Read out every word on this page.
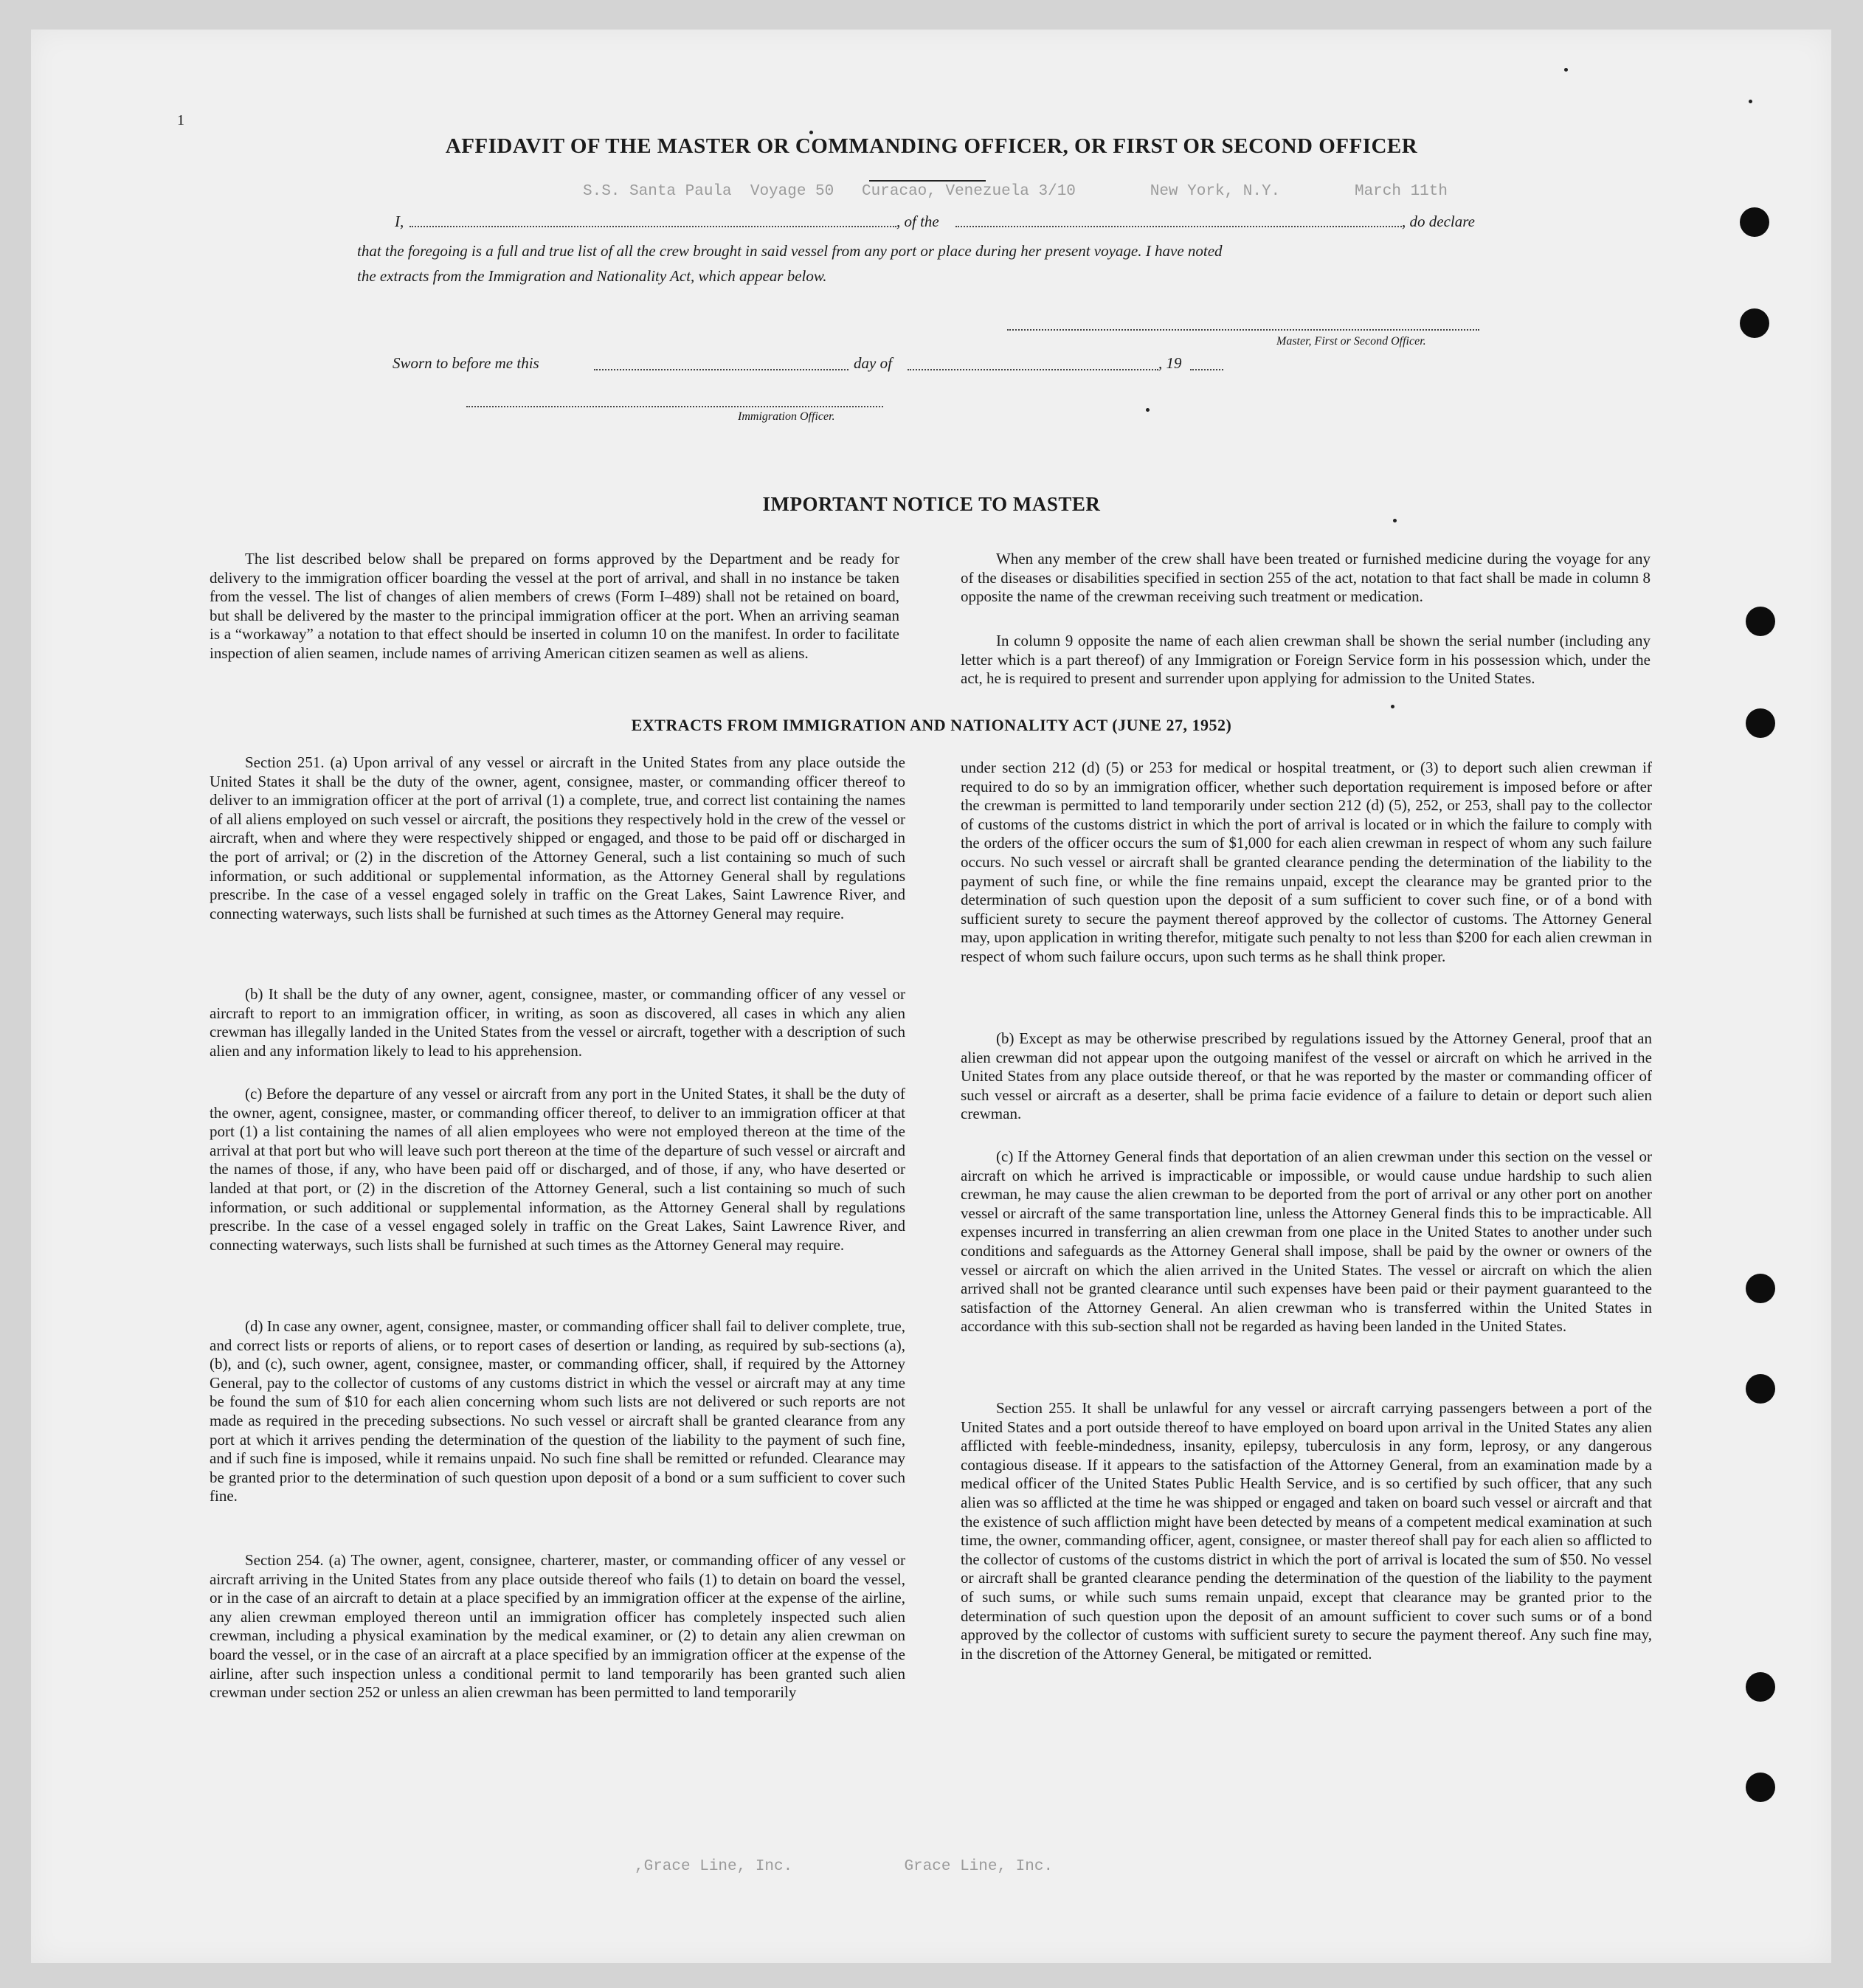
S.S. Santa Paula  Voyage 50   Curacao, Venezuela 3/10        New York, N.Y.        March 11th
,Grace Line, Inc.            Grace Line, Inc.
1
AFFIDAVIT OF THE MASTER OR COMMANDING OFFICER, OR FIRST OR SECOND OFFICER
I,	, of the	, do declare
that the foregoing is a full and true list of all the crew brought in said vessel from any port or place during her present voyage. I have noted
the extracts from the Immigration and Nationality Act, which appear below.
Master, First or Second Officer.
Sworn to before me this	day of	, 19
Immigration Officer.
IMPORTANT NOTICE TO MASTER

The list described below shall be prepared on forms approved by the Department and be ready for delivery to the immigration officer boarding the vessel at the port of arrival, and shall in no instance be taken from the vessel. The list of changes of alien members of crews (Form I–489) shall not be retained on board, but shall be delivered by the master to the principal immigration officer at the port. When an arriving seaman is a “workaway” a notation to that effect should be inserted in column 10 on the manifest. In order to facilitate inspection of alien seamen, include names of arriving American citizen seamen as well as aliens.

When any member of the crew shall have been treated or furnished medicine during the voyage for any of the diseases or disabilities specified in section 255 of the act, notation to that fact shall be made in column 8 opposite the name of the crewman receiving such treatment or medication.

In column 9 opposite the name of each alien crewman shall be shown the serial number (including any letter which is a part thereof) of any Immigration or Foreign Service form in his possession which, under the act, he is required to present and surrender upon applying for admission to the United States.

EXTRACTS FROM IMMIGRATION AND NATIONALITY ACT (JUNE 27, 1952)

Section 251. (a) Upon arrival of any vessel or aircraft in the United States from any place outside the United States it shall be the duty of the owner, agent, consignee, master, or commanding officer thereof to deliver to an immigration officer at the port of arrival (1) a complete, true, and correct list containing the names of all aliens employed on such vessel or aircraft, the positions they respectively hold in the crew of the vessel or aircraft, when and where they were respectively shipped or engaged, and those to be paid off or discharged in the port of arrival; or (2) in the discretion of the Attorney General, such a list containing so much of such information, or such additional or supplemental information, as the Attorney General shall by regulations prescribe. In the case of a vessel engaged solely in traffic on the Great Lakes, Saint Lawrence River, and connecting waterways, such lists shall be furnished at such times as the Attorney General may require.

(b) It shall be the duty of any owner, agent, consignee, master, or commanding officer of any vessel or aircraft to report to an immigration officer, in writing, as soon as discovered, all cases in which any alien crewman has illegally landed in the United States from the vessel or aircraft, together with a description of such alien and any information likely to lead to his apprehension.

(c) Before the departure of any vessel or aircraft from any port in the United States, it shall be the duty of the owner, agent, consignee, master, or commanding officer thereof, to deliver to an immigration officer at that port (1) a list containing the names of all alien employees who were not employed thereon at the time of the arrival at that port but who will leave such port thereon at the time of the departure of such vessel or aircraft and the names of those, if any, who have been paid off or discharged, and of those, if any, who have deserted or landed at that port, or (2) in the discretion of the Attorney General, such a list containing so much of such information, or such additional or supplemental information, as the Attorney General shall by regulations prescribe. In the case of a vessel engaged solely in traffic on the Great Lakes, Saint Lawrence River, and connecting waterways, such lists shall be furnished at such times as the Attorney General may require.

(d) In case any owner, agent, consignee, master, or commanding officer shall fail to deliver complete, true, and correct lists or reports of aliens, or to report cases of desertion or landing, as required by sub-sections (a), (b), and (c), such owner, agent, consignee, master, or commanding officer, shall, if required by the Attorney General, pay to the collector of customs of any customs district in which the vessel or aircraft may at any time be found the sum of $10 for each alien concerning whom such lists are not delivered or such reports are not made as required in the preceding subsections. No such vessel or aircraft shall be granted clearance from any port at which it arrives pending the determination of the question of the liability to the payment of such fine, and if such fine is imposed, while it remains unpaid. No such fine shall be remitted or refunded. Clearance may be granted prior to the determination of such question upon deposit of a bond or a sum sufficient to cover such fine.

Section 254. (a) The owner, agent, consignee, charterer, master, or commanding officer of any vessel or aircraft arriving in the United States from any place outside thereof who fails (1) to detain on board the vessel, or in the case of an aircraft to detain at a place specified by an immigration officer at the expense of the airline, any alien crewman employed thereon until an immigration officer has completely inspected such alien crewman, including a physical examination by the medical examiner, or (2) to detain any alien crewman on board the vessel, or in the case of an aircraft at a place specified by an immigration officer at the expense of the airline, after such inspection unless a conditional permit to land temporarily has been granted such alien crewman under section 252 or unless an alien crewman has been permitted to land temporarily

under section 212 (d) (5) or 253 for medical or hospital treatment, or (3) to deport such alien crewman if required to do so by an immigration officer, whether such deportation requirement is imposed before or after the crewman is permitted to land temporarily under section 212 (d) (5), 252, or 253, shall pay to the collector of customs of the customs district in which the port of arrival is located or in which the failure to comply with the orders of the officer occurs the sum of $1,000 for each alien crewman in respect of whom any such failure occurs. No such vessel or aircraft shall be granted clearance pending the determination of the liability to the payment of such fine, or while the fine remains unpaid, except the clearance may be granted prior to the determination of such question upon the deposit of a sum sufficient to cover such fine, or of a bond with sufficient surety to secure the payment thereof approved by the collector of customs. The Attorney General may, upon application in writing therefor, mitigate such penalty to not less than $200 for each alien crewman in respect of whom such failure occurs, upon such terms as he shall think proper.

(b) Except as may be otherwise prescribed by regulations issued by the Attorney General, proof that an alien crewman did not appear upon the outgoing manifest of the vessel or aircraft on which he arrived in the United States from any place outside thereof, or that he was reported by the master or commanding officer of such vessel or aircraft as a deserter, shall be prima facie evidence of a failure to detain or deport such alien crewman.

(c) If the Attorney General finds that deportation of an alien crewman under this section on the vessel or aircraft on which he arrived is impracticable or impossible, or would cause undue hardship to such alien crewman, he may cause the alien crewman to be deported from the port of arrival or any other port on another vessel or aircraft of the same transportation line, unless the Attorney General finds this to be impracticable. All expenses incurred in transferring an alien crewman from one place in the United States to another under such conditions and safeguards as the Attorney General shall impose, shall be paid by the owner or owners of the vessel or aircraft on which the alien arrived in the United States. The vessel or aircraft on which the alien arrived shall not be granted clearance until such expenses have been paid or their payment guaranteed to the satisfaction of the Attorney General. An alien crewman who is transferred within the United States in accordance with this sub-section shall not be regarded as having been landed in the United States.

Section 255. It shall be unlawful for any vessel or aircraft carrying passengers between a port of the United States and a port outside thereof to have employed on board upon arrival in the United States any alien afflicted with feeble-mindedness, insanity, epilepsy, tuberculosis in any form, leprosy, or any dangerous contagious disease. If it appears to the satisfaction of the Attorney General, from an examination made by a medical officer of the United States Public Health Service, and is so certified by such officer, that any such alien was so afflicted at the time he was shipped or engaged and taken on board such vessel or aircraft and that the existence of such affliction might have been detected by means of a competent medical examination at such time, the owner, commanding officer, agent, consignee, or master thereof shall pay for each alien so afflicted to the collector of customs of the customs district in which the port of arrival is located the sum of $50. No vessel or aircraft shall be granted clearance pending the determination of the question of the liability to the payment of such sums, or while such sums remain unpaid, except that clearance may be granted prior to the determination of such question upon the deposit of an amount sufficient to cover such sums or of a bond approved by the collector of customs with sufficient surety to secure the payment thereof. Any such fine may, in the discretion of the Attorney General, be mitigated or remitted.
